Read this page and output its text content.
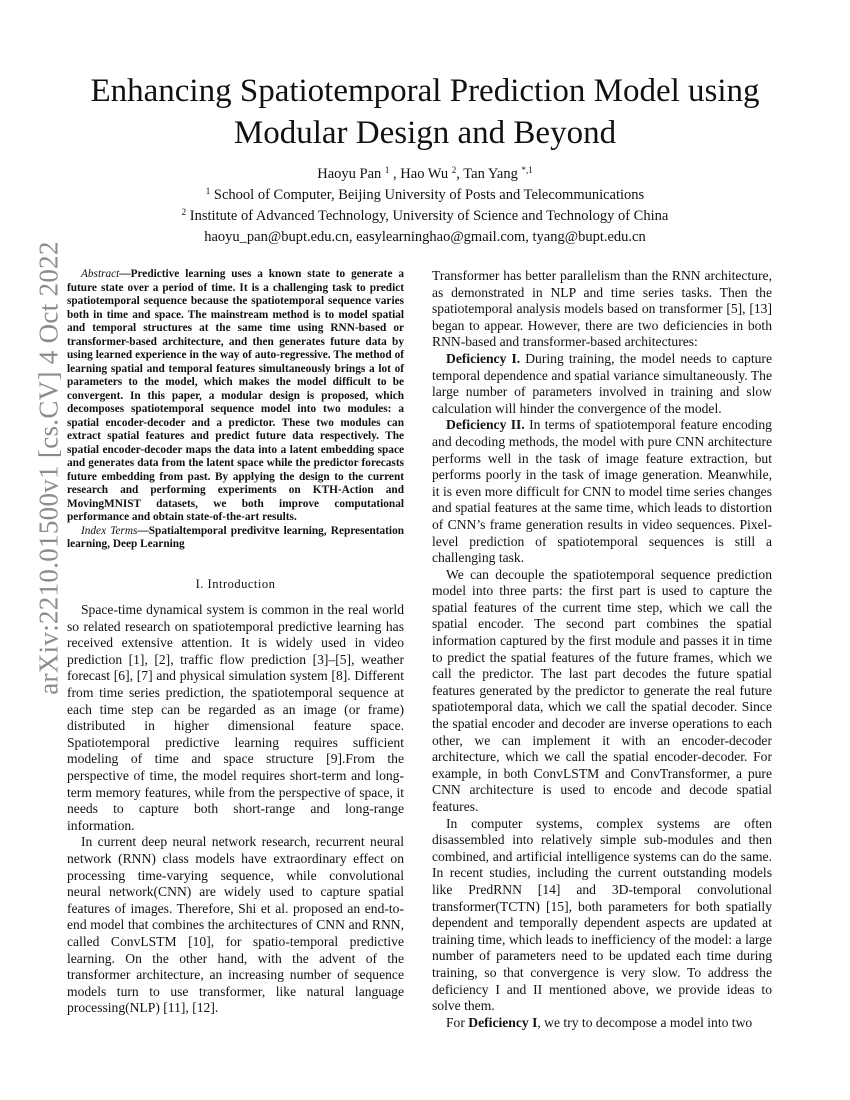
arXiv:2210.01500v1 [cs.CV] 4 Oct 2022
Enhancing Spatiotemporal Prediction Model using Modular Design and Beyond
Haoyu Pan $^1$ , Hao Wu $^2$, Tan Yang $^{*,1}$
$^1$ School of Computer, Beijing University of Posts and Telecommunications
$^2$ Institute of Advanced Technology, University of Science and Technology of China
haoyu_pan@bupt.edu.cn, easylearninghao@gmail.com, tyang@bupt.edu.cn

Abstract—Predictive learning uses a known state to generate a future state over a period of time. It is a challenging task to predict spatiotemporal sequence because the spatiotemporal sequence varies both in time and space. The mainstream method is to model spatial and temporal structures at the same time using RNN-based or transformer-based architecture, and then generates future data by using learned experience in the way of auto-regressive. The method of learning spatial and temporal features simultaneously brings a lot of parameters to the model, which makes the model difficult to be convergent. In this paper, a modular design is proposed, which decomposes spatiotemporal sequence model into two modules: a spatial encoder-decoder and a predictor. These two modules can extract spatial features and predict future data respectively. The spatial encoder-decoder maps the data into a latent embedding space and generates data from the latent space while the predictor forecasts future embedding from past. By applying the design to the current research and performing experiments on KTH-Action and MovingMNIST datasets, we both improve computational performance and obtain state-of-the-art results.

Index Terms—Spatialtemporal predivitve learning, Representation learning, Deep Learning

I. Introduction

Space-time dynamical system is common in the real world so related research on spatiotemporal predictive learning has received extensive attention. It is widely used in video prediction [1], [2], traffic flow prediction [3]–[5], weather forecast [6], [7] and physical simulation system [8]. Different from time series prediction, the spatiotemporal sequence at each time step can be regarded as an image (or frame) distributed in higher dimensional feature space. Spatiotemporal predictive learning requires sufficient modeling of time and space structure [9].From the perspective of time, the model requires short-term and long-term memory features, while from the perspective of space, it needs to capture both short-range and long-range information.

In current deep neural network research, recurrent neural network (RNN) class models have extraordinary effect on processing time-varying sequence, while convolutional neural network(CNN) are widely used to capture spatial features of images. Therefore, Shi et al. proposed an end-to-end model that combines the architectures of CNN and RNN, called ConvLSTM [10], for spatio-temporal predictive learning. On the other hand, with the advent of the transformer architecture, an increasing number of sequence models turn to use transformer, like natural language processing(NLP) [11], [12].

Transformer has better parallelism than the RNN architecture, as demonstrated in NLP and time series tasks. Then the spatiotemporal analysis models based on transformer [5], [13] began to appear. However, there are two deficiencies in both RNN-based and transformer-based architectures:

Deficiency I. During training, the model needs to capture temporal dependence and spatial variance simultaneously. The large number of parameters involved in training and slow calculation will hinder the convergence of the model.

Deficiency II. In terms of spatiotemporal feature encoding and decoding methods, the model with pure CNN architecture performs well in the task of image feature extraction, but performs poorly in the task of image generation. Meanwhile, it is even more difficult for CNN to model time series changes and spatial features at the same time, which leads to distortion of CNN’s frame generation results in video sequences. Pixel-level prediction of spatiotemporal sequences is still a challenging task.

We can decouple the spatiotemporal sequence prediction model into three parts: the first part is used to capture the spatial features of the current time step, which we call the spatial encoder. The second part combines the spatial information captured by the first module and passes it in time to predict the spatial features of the future frames, which we call the predictor. The last part decodes the future spatial features generated by the predictor to generate the real future spatiotemporal data, which we call the spatial decoder. Since the spatial encoder and decoder are inverse operations to each other, we can implement it with an encoder-decoder architecture, which we call the spatial encoder-decoder. For example, in both ConvLSTM and ConvTransformer, a pure CNN architecture is used to encode and decode spatial features.

In computer systems, complex systems are often disassembled into relatively simple sub-modules and then combined, and artificial intelligence systems can do the same. In recent studies, including the current outstanding models like PredRNN [14] and 3D-temporal convolutional transformer(TCTN) [15], both parameters for both spatially dependent and temporally dependent aspects are updated at training time, which leads to inefficiency of the model: a large number of parameters need to be updated each time during training, so that convergence is very slow. To address the deficiency I and II mentioned above, we provide ideas to solve them.

For Deficiency I, we try to decompose a model into two
